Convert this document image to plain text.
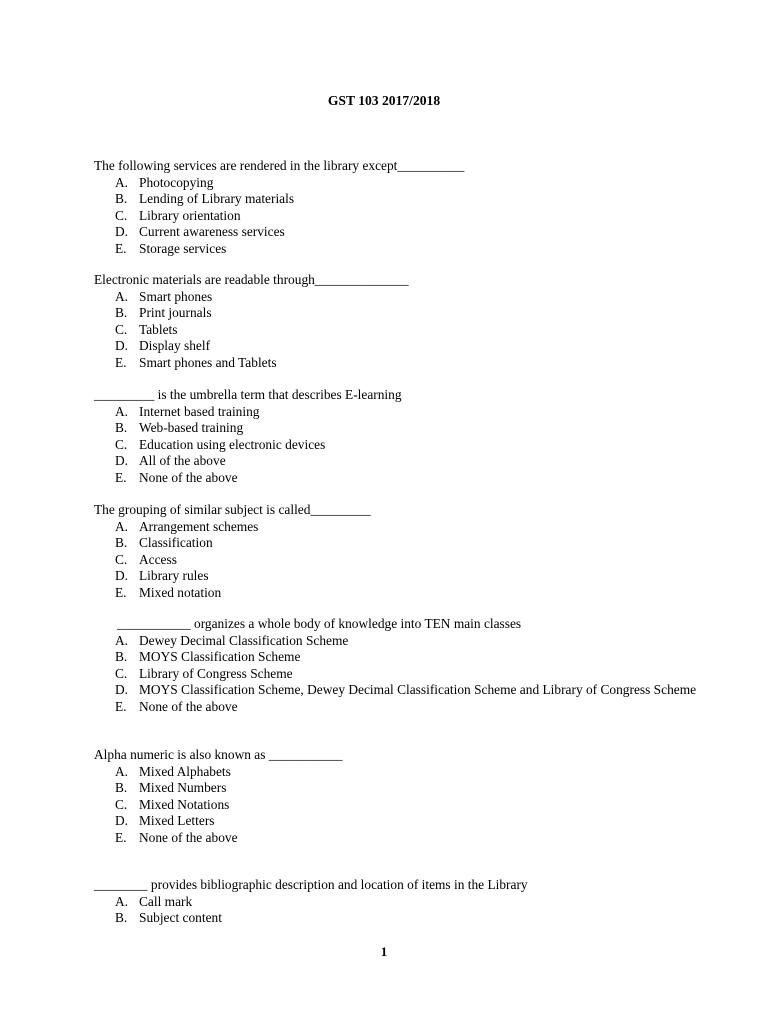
GST 103 2017/2018
The following services are rendered in the library except__________
A. Photocopying
B. Lending of Library materials
C. Library orientation
D. Current awareness services
E. Storage services
Electronic materials are readable through______________
A. Smart phones
B. Print journals
C. Tablets
D. Display shelf
E. Smart phones and Tablets
_________ is the umbrella term that describes E-learning
A. Internet based training
B. Web-based training
C. Education using electronic devices
D. All of the above
E. None of the above
The grouping of similar subject is called_________
A. Arrangement schemes
B. Classification
C. Access
D. Library rules
E. Mixed notation
___________ organizes a whole body of knowledge into TEN main classes
A. Dewey Decimal Classification Scheme
B. MOYS Classification Scheme
C. Library of Congress Scheme
D. MOYS Classification Scheme, Dewey Decimal Classification Scheme and Library of Congress Scheme
E. None of the above
Alpha numeric is also known as ___________
A. Mixed Alphabets
B. Mixed Numbers
C. Mixed Notations
D. Mixed Letters
E. None of the above
________ provides bibliographic description and location of items in the Library
A. Call mark
B. Subject content
1
